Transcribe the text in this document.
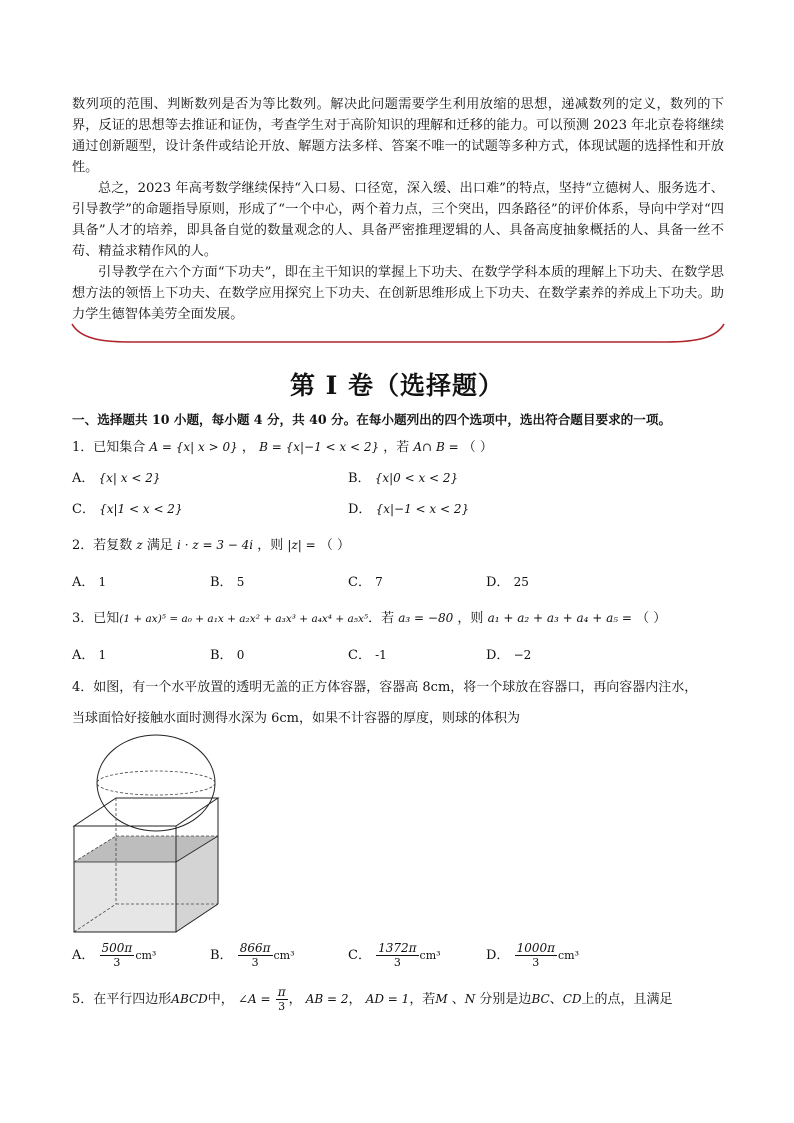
数列项的范围、判断数列是否为等比数列。解决此问题需要学生利用放缩的思想，递减数列的定义，数列的下界，反证的思想等去推证和证伪，考查学生对于高阶知识的理解和迁移的能力。可以预测 2023 年北京卷将继续通过创新题型，设计条件或结论开放、解题方法多样、答案不唯一的试题等多种方式，体现试题的选择性和开放性。

总之，2023 年高考数学继续保持“入口易、口径宽，深入缓、出口难”的特点，坚持“立德树人、服务选才、引导教学”的命题指导原则，形成了“一个中心，两个着力点，三个突出，四条路径”的评价体系，导向中学对“四具备”人才的培养，即具备自觉的数量观念的人、具备严密推理逻辑的人、具备高度抽象概括的人、具备一丝不苟、精益求精作风的人。

引导教学在六个方面“下功夫”，即在主干知识的掌握上下功夫、在数学学科本质的理解上下功夫、在数学思想方法的领悟上下功夫、在数学应用探究上下功夫、在创新思维形成上下功夫、在数学素养的养成上下功夫。助力学生德智体美劳全面发展。

第 I 卷（选择题）
一、选择题共 10 小题，每小题 4 分，共 40 分。在每小题列出的四个选项中，选出符合题目要求的一项。
1．已知集合 A = {x| x > 0} ， B = {x|−1 < x < 2} ，若 A∩ B = （ ）
A． {x| x < 2}	B． {x|0 < x < 2}
C． {x|1 < x < 2}	D． {x|−1 < x < 2}
2．若复数 z 满足 i · z = 3 − 4i ，则 |z| = （ ）
A． 1	B． 5	C． 7	D． 25
3．已知(1 + ax)⁵ = a₀ + a₁x + a₂x² + a₃x³ + a₄x⁴ + a₅x⁵．若 a₃ = −80 ，则 a₁ + a₂ + a₃ + a₄ + a₅ = （ ）
A． 1	B． 0	C． -1	D． −2
4．如图，有一个水平放置的透明无盖的正方体容器，容器高 8cm，将一个球放在容器口，再向容器内注水，
当球面恰好接触水面时测得水深为 6cm，如果不计容器的厚度，则球的体积为
A． $\frac{500\pi}{3} cm^3$	B． $\frac{866\pi}{3} cm^3$	C． $\frac{1372\pi}{3} cm^3$	D． $\frac{1000\pi}{3} cm^3$
5．在平行四边形ABCD中， ∠A = $\frac{\pi}{3}$ ， AB = 2， AD = 1，若M 、N 分别是边BC、CD上的点，且满足
